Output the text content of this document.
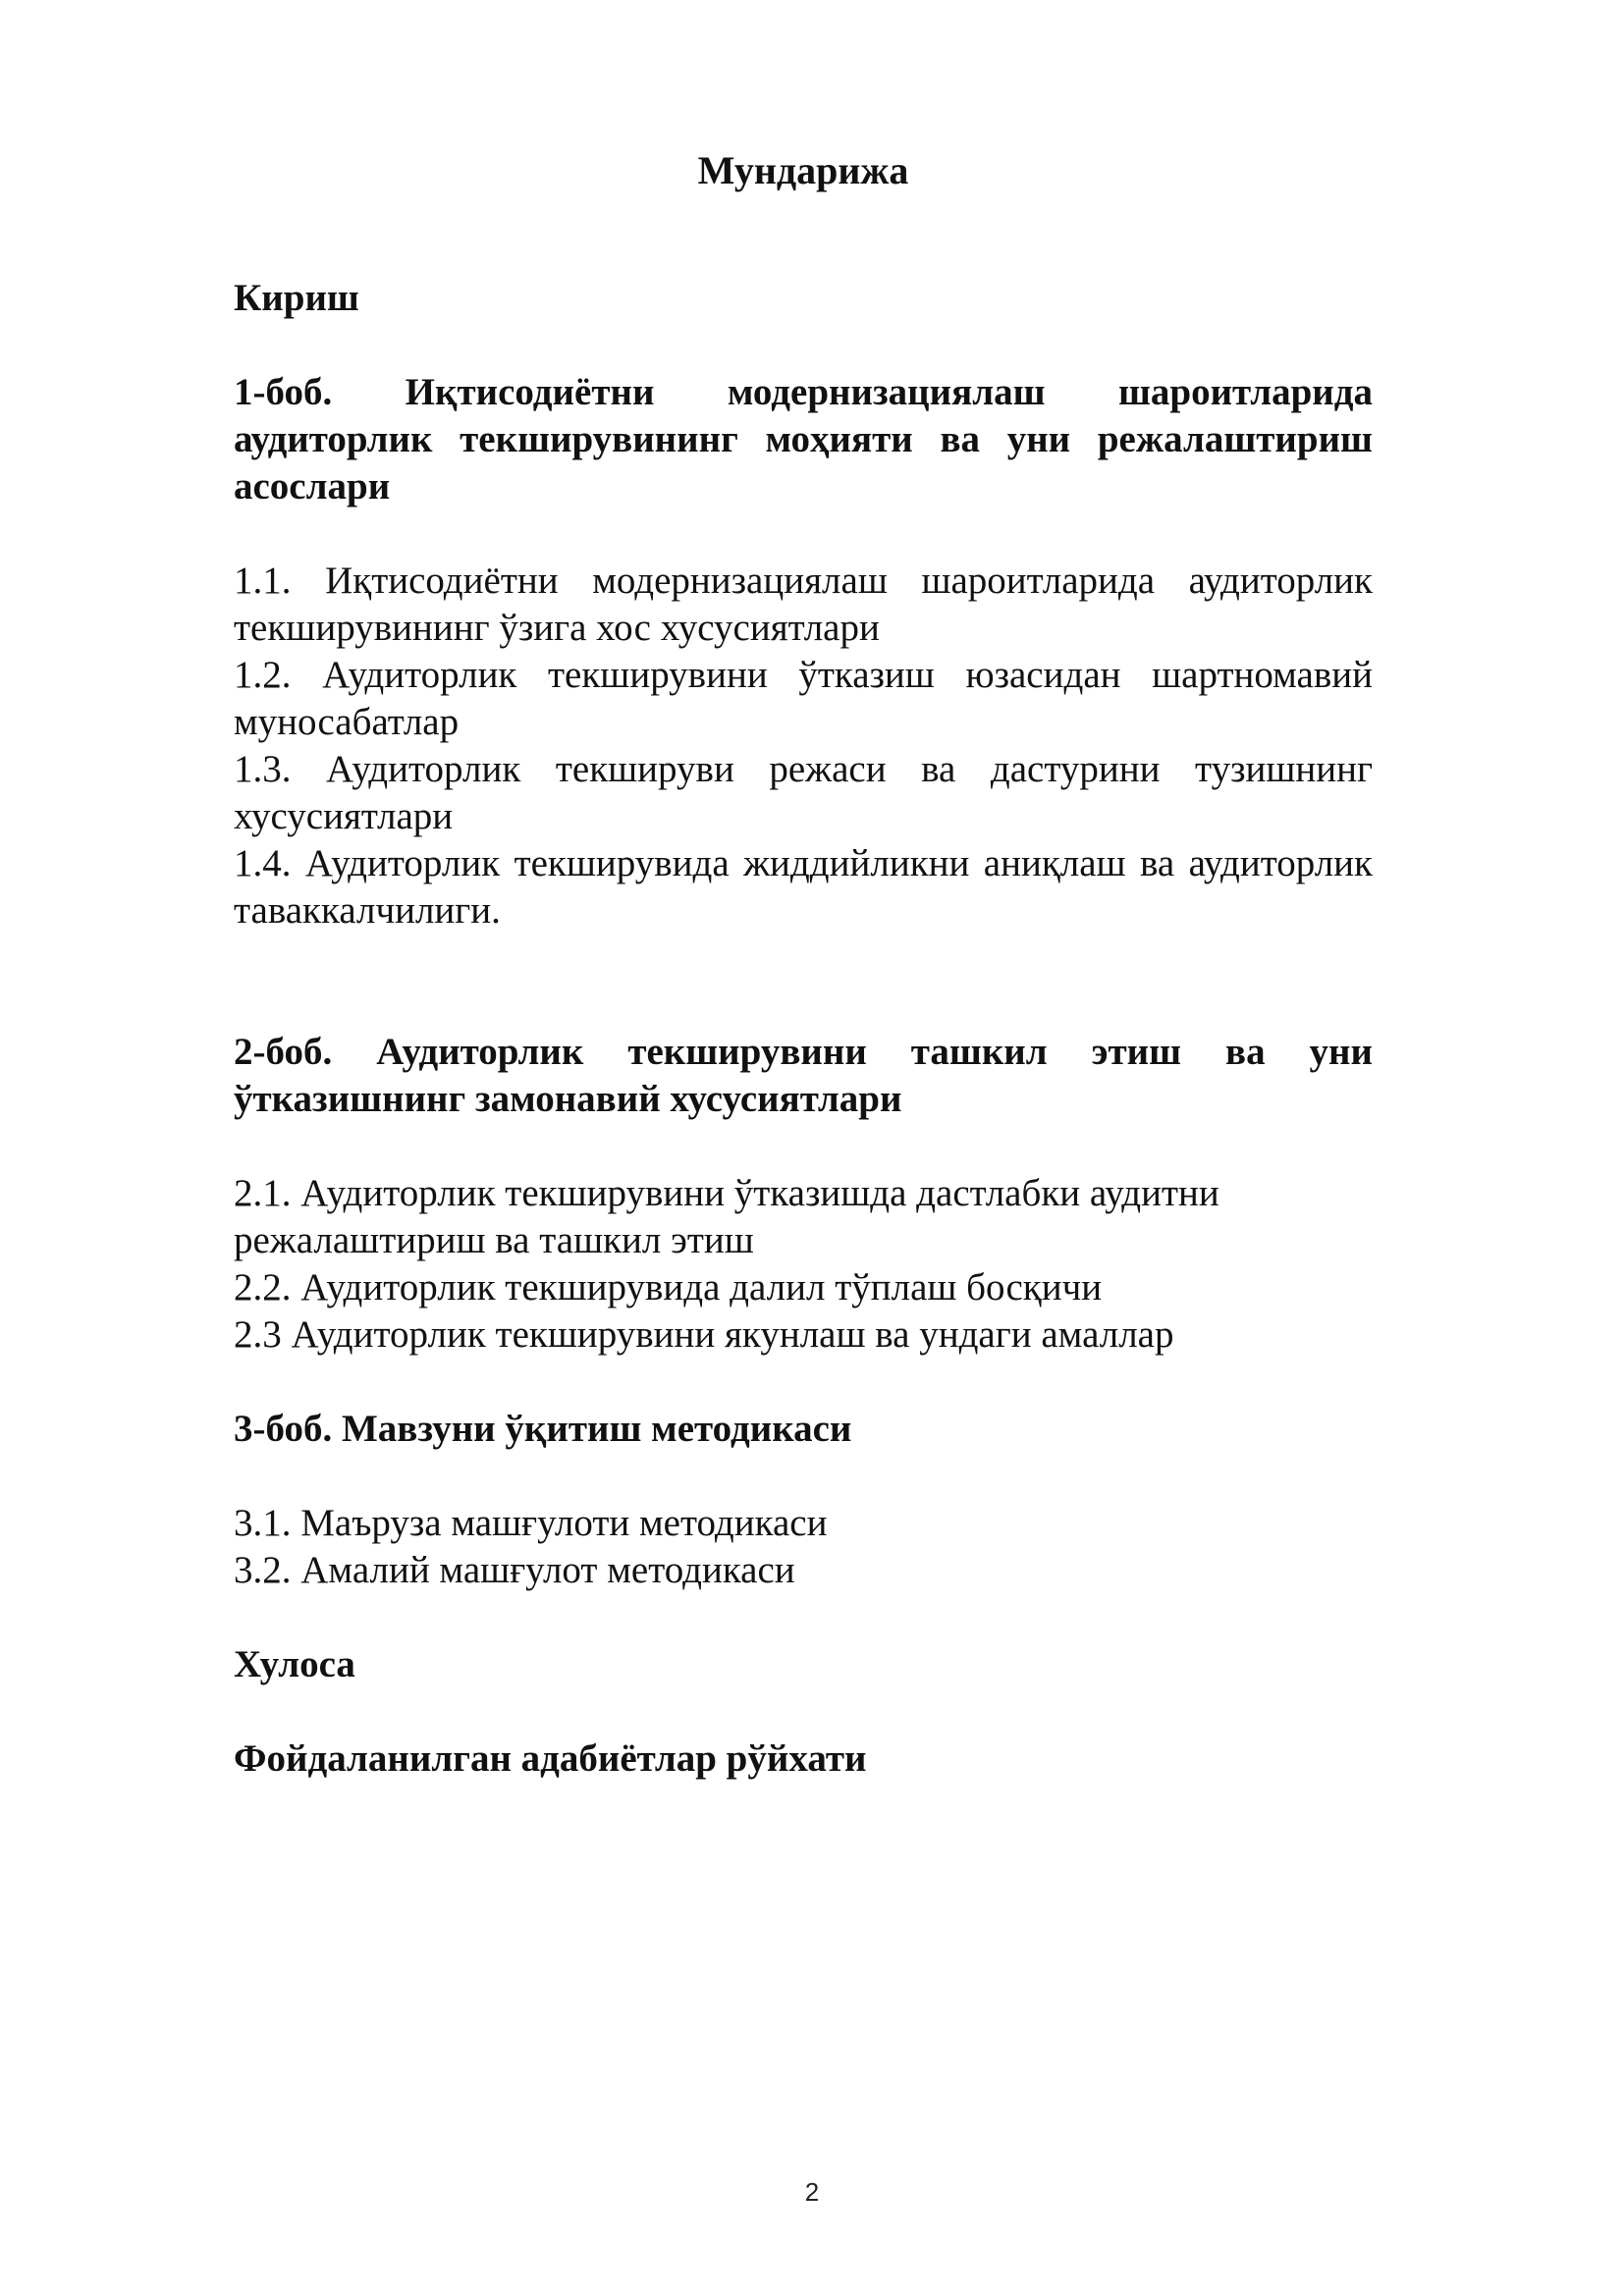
Мундарижа

Кириш

1-боб. Иқтисодиётни модернизациялаш шароитларида аудиторлик текширувининг моҳияти ва уни режалаштириш асослари

1.1. Иқтисодиётни модернизациялаш шароитларида аудиторлик текширувининг ўзига хос хусусиятлари

1.2. Аудиторлик текширувини ўтказиш юзасидан шартномавий муносабатлар

1.3. Аудиторлик текшируви режаси ва дастурини тузишнинг хусусиятлари

1.4. Аудиторлик текширувида жиддийликни аниқлаш ва аудиторлик таваккалчилиги.

2-боб. Аудиторлик текширувини ташкил этиш ва уни ўтказишнинг замонавий хусусиятлари

2.1. Аудиторлик текширувини ўтказишда дастлабки аудитни режалаштириш ва ташкил этиш

2.2. Аудиторлик текширувида далил тўплаш босқичи

2.3 Аудиторлик текширувини якунлаш ва ундаги амаллар

3-боб. Мавзуни ўқитиш методикаси

3.1. Маъруза машғулоти методикаси

3.2. Амалий машғулот методикаси

Хулоса

Фойдаланилган адабиётлар рўйхати

2
